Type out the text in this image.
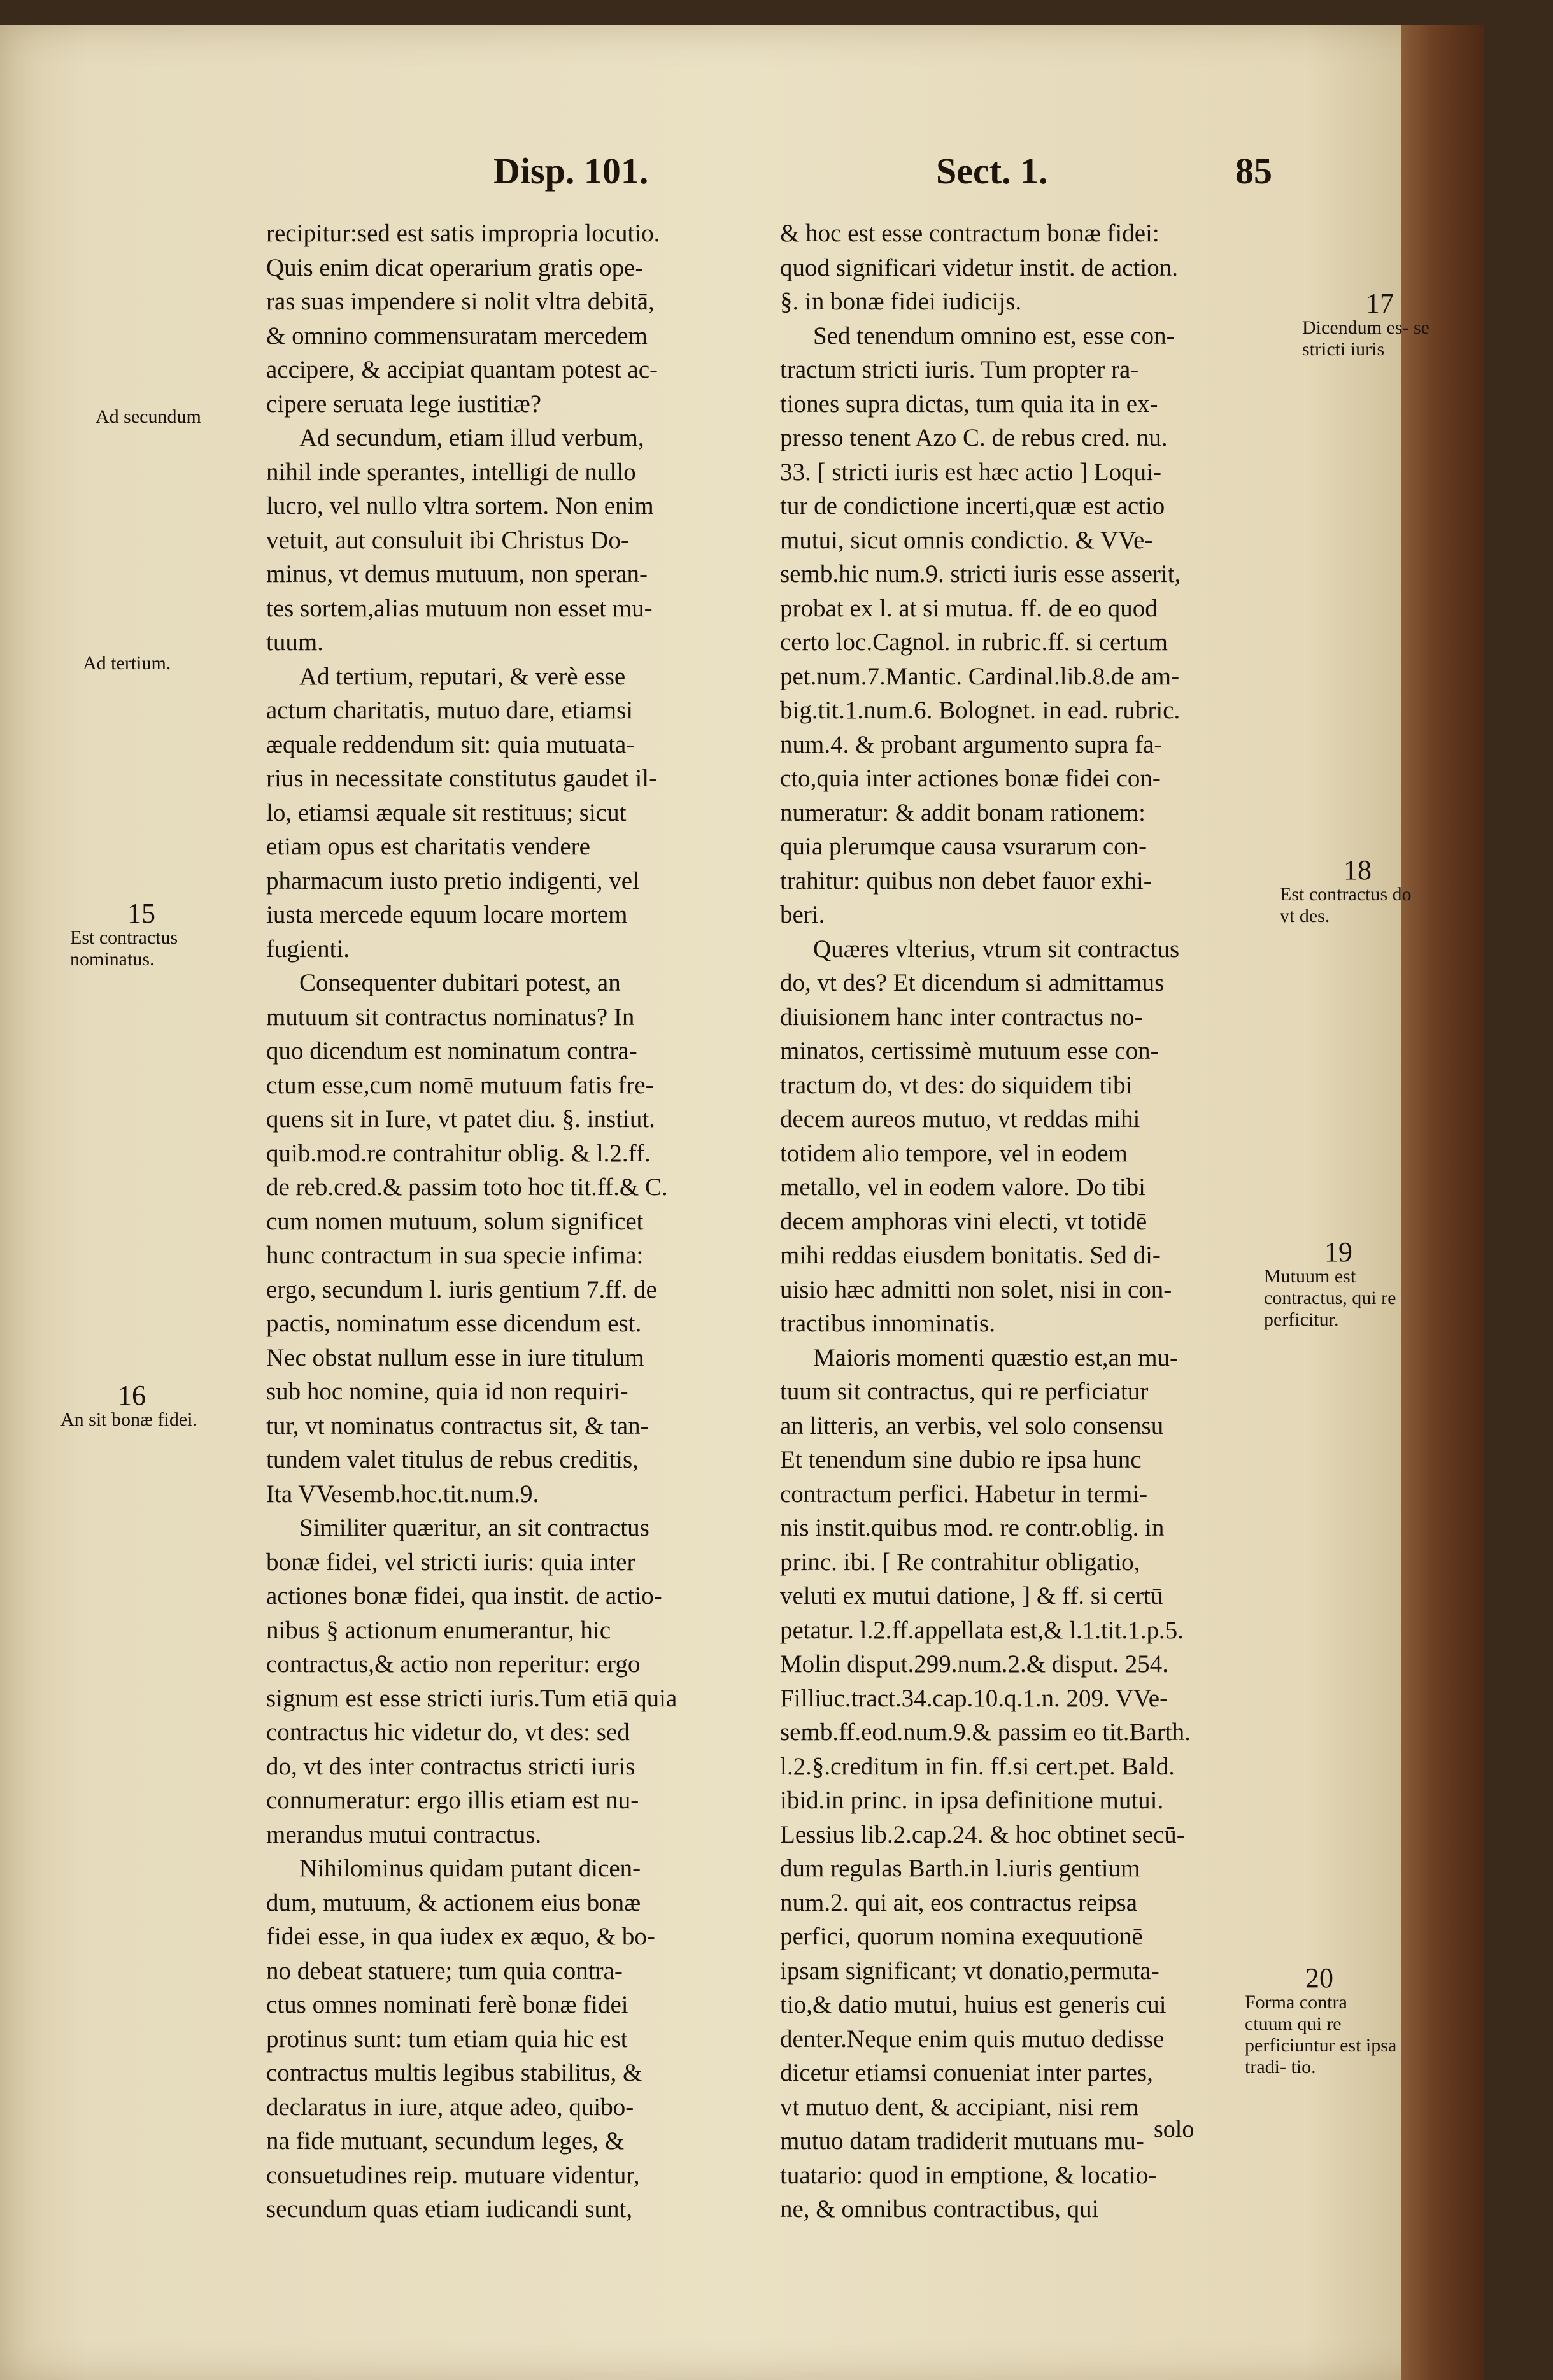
Disp. 101.	Sect. 1.	85

recipitur:sed est satis impropria locutio.

Quis enim dicat operarium gratis ope-

ras suas impendere si nolit vltra debitā,

& omnino commensuratam mercedem

accipere, & accipiat quantam potest ac-

cipere seruata lege iustitiæ?

Ad secundum, etiam illud verbum,

nihil inde sperantes, intelligi de nullo

lucro, vel nullo vltra sortem. Non enim

vetuit, aut consuluit ibi Christus Do-

minus, vt demus mutuum, non speran-

tes sortem,alias mutuum non esset mu-

tuum.

Ad tertium, reputari, & verè esse

actum charitatis, mutuo dare, etiamsi

æquale reddendum sit: quia mutuata-

rius in necessitate constitutus gaudet il-

lo, etiamsi æquale sit restituus; sicut

etiam opus est charitatis vendere

pharmacum iusto pretio indigenti, vel

iusta mercede equum locare mortem

fugienti.

Consequenter dubitari potest, an

mutuum sit contractus nominatus? In

quo dicendum est nominatum contra-

ctum esse,cum nomē mutuum fatis fre-

quens sit in Iure, vt patet diu. §. instiut.

quib.mod.re contrahitur oblig. & l.2.ff.

de reb.cred.& passim toto hoc tit.ff.& C.

cum nomen mutuum, solum significet

hunc contractum in sua specie infima:

ergo, secundum l. iuris gentium 7.ff. de

pactis, nominatum esse dicendum est.

Nec obstat nullum esse in iure titulum

sub hoc nomine, quia id non requiri-

tur, vt nominatus contractus sit, & tan-

tundem valet titulus de rebus creditis,

Ita VVesemb.hoc.tit.num.9.

Similiter quæritur, an sit contractus

bonæ fidei, vel stricti iuris: quia inter

actiones bonæ fidei, qua instit. de actio-

nibus § actionum enumerantur, hic

contractus,& actio non reperitur: ergo

signum est esse stricti iuris.Tum etiā quia

contractus hic videtur do, vt des: sed

do, vt des inter contractus stricti iuris

connumeratur: ergo illis etiam est nu-

merandus mutui contractus.

Nihilominus quidam putant dicen-

dum, mutuum, & actionem eius bonæ

fidei esse, in qua iudex ex æquo, & bo-

no debeat statuere; tum quia contra-

ctus omnes nominati ferè bonæ fidei

protinus sunt: tum etiam quia hic est

contractus multis legibus stabilitus, &

declaratus in iure, atque adeo, quibo-

na fide mutuant, secundum leges, &

consuetudines reip. mutuare videntur,

secundum quas etiam iudicandi sunt,

& hoc est esse contractum bonæ fidei:

quod significari videtur instit. de action.

§. in bonæ fidei iudicijs.

Sed tenendum omnino est, esse con-

tractum stricti iuris. Tum propter ra-

tiones supra dictas, tum quia ita in ex-

presso tenent Azo C. de rebus cred. nu.

33. [ stricti iuris est hæc actio ] Loqui-

tur de condictione incerti,quæ est actio

mutui, sicut omnis condictio. & VVe-

semb.hic num.9. stricti iuris esse asserit,

probat ex l. at si mutua. ff. de eo quod

certo loc.Cagnol. in rubric.ff. si certum

pet.num.7.Mantic. Cardinal.lib.8.de am-

big.tit.1.num.6. Bolognet. in ead. rubric.

num.4. & probant argumento supra fa-

cto,quia inter actiones bonæ fidei con-

numeratur: & addit bonam rationem:

quia plerumque causa vsurarum con-

trahitur: quibus non debet fauor exhi-

beri.

Quæres vlterius, vtrum sit contractus

do, vt des? Et dicendum si admittamus

diuisionem hanc inter contractus no-

minatos, certissimè mutuum esse con-

tractum do, vt des: do siquidem tibi

decem aureos mutuo, vt reddas mihi

totidem alio tempore, vel in eodem

metallo, vel in eodem valore. Do tibi

decem amphoras vini electi, vt totidē

mihi reddas eiusdem bonitatis. Sed di-

uisio hæc admitti non solet, nisi in con-

tractibus innominatis.

Maioris momenti quæstio est,an mu-

tuum sit contractus, qui re perficiatur

an litteris, an verbis, vel solo consensu

Et tenendum sine dubio re ipsa hunc

contractum perfici. Habetur in termi-

nis instit.quibus mod. re contr.oblig. in

princ. ibi. [ Re contrahitur obligatio,

veluti ex mutui datione, ] & ff. si certū

petatur. l.2.ff.appellata est,& l.1.tit.1.p.5.

Molin disput.299.num.2.& disput. 254.

Filliuc.tract.34.cap.10.q.1.n. 209. VVe-

semb.ff.eod.num.9.& passim eo tit.Barth.

l.2.§.creditum in fin. ff.si cert.pet. Bald.

ibid.in princ. in ipsa definitione mutui.

Lessius lib.2.cap.24. & hoc obtinet secū-

dum regulas Barth.in l.iuris gentium

num.2. qui ait, eos contractus reipsa

perfici, quorum nomina exequutionē

ipsam significant; vt donatio,permuta-

tio,& datio mutui, huius est generis cui

denter.Neque enim quis mutuo dedisse

dicetur etiamsi conueniat inter partes,

vt mutuo dent, & accipiant, nisi rem

mutuo datam tradiderit mutuans mu-

tuatario: quod in emptione, & locatio-

ne, & omnibus contractibus, qui

solo
Ad secundum
Ad tertium.
15
Est contractus nominatus.
16
An sit bonæ fidei.
17
Dicendum es- se stricti iuris
18
Est contractus do vt des.
19
Mutuum est contractus, qui re perficitur.
20
Forma contra ctuum qui re perficiuntur est ipsa tradi- tio.
